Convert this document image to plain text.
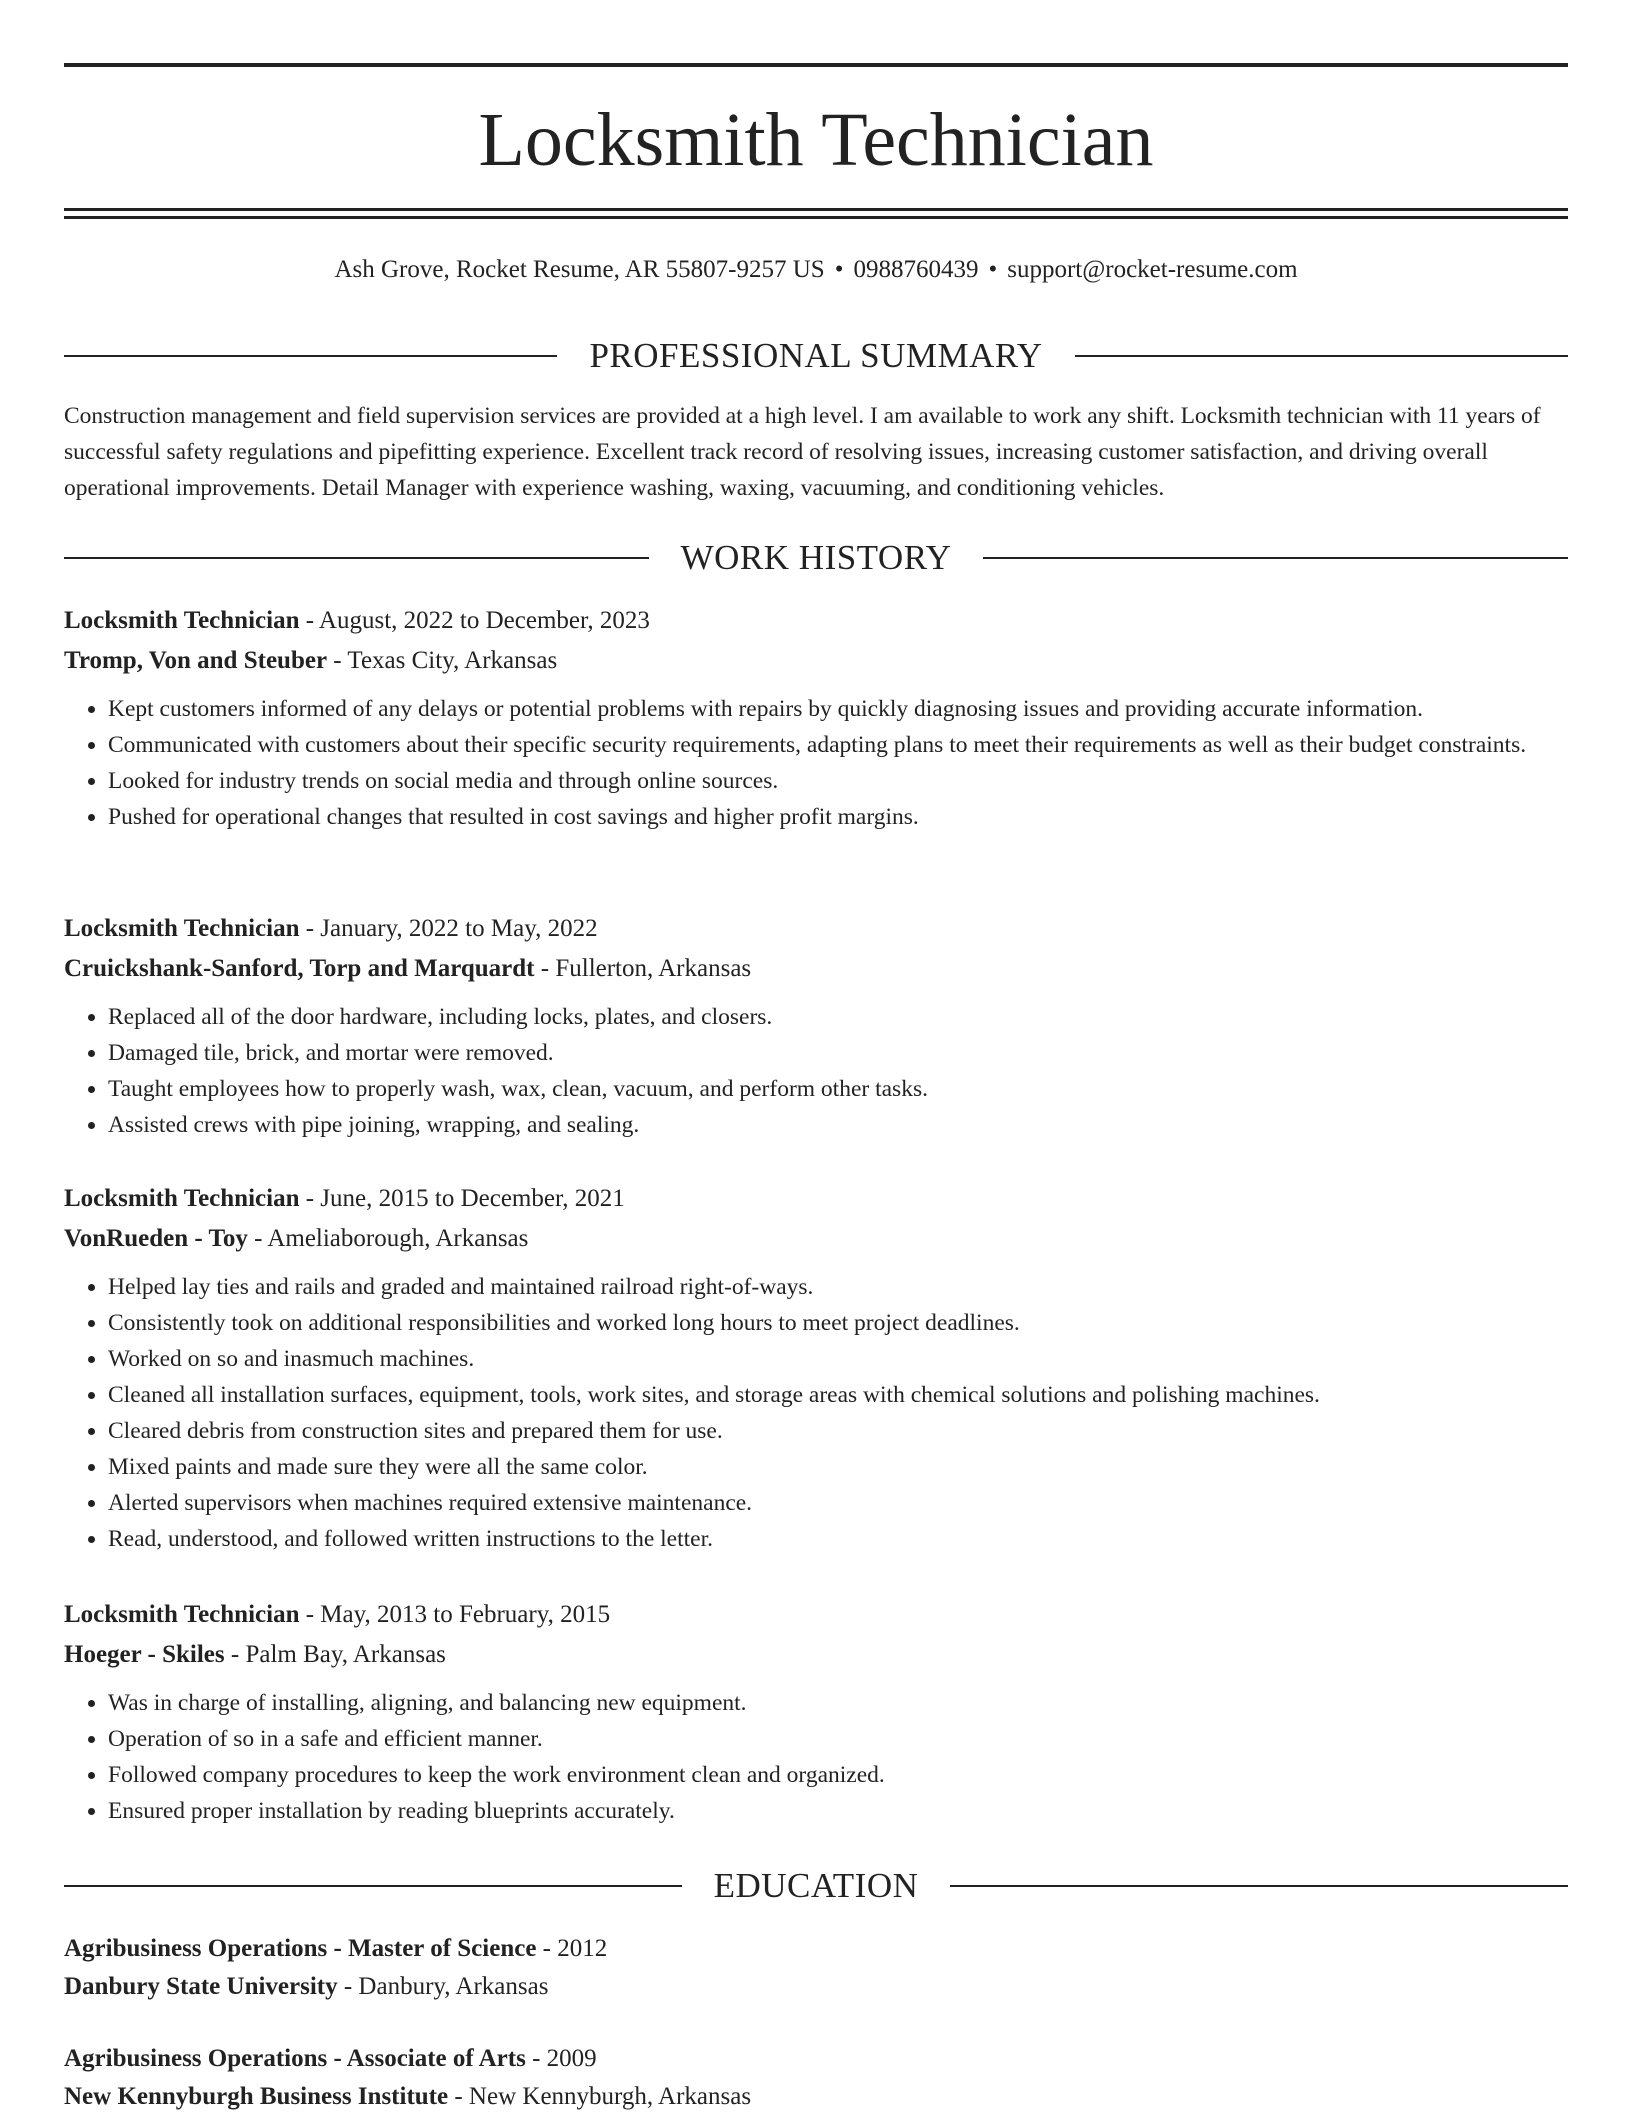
Locksmith Technician
Ash Grove, Rocket Resume, AR 55807-9257 US • 0988760439 • support@rocket-resume.com
PROFESSIONAL SUMMARY

Construction management and field supervision services are provided at a high level. I am available to work any shift. Locksmith technician with 11 years of successful safety regulations and pipefitting experience. Excellent track record of resolving issues, increasing customer satisfaction, and driving overall operational improvements. Detail Manager with experience washing, waxing, vacuuming, and conditioning vehicles.

WORK HISTORY
Locksmith Technician - August, 2022 to December, 2023
Tromp, Von and Steuber - Texas City, Arkansas
• Kept customers informed of any delays or potential problems with repairs by quickly diagnosing issues and providing accurate information.
• Communicated with customers about their specific security requirements, adapting plans to meet their requirements as well as their budget constraints.
• Looked for industry trends on social media and through online sources.
• Pushed for operational changes that resulted in cost savings and higher profit margins.
Locksmith Technician - January, 2022 to May, 2022
Cruickshank-Sanford, Torp and Marquardt - Fullerton, Arkansas
• Replaced all of the door hardware, including locks, plates, and closers.
• Damaged tile, brick, and mortar were removed.
• Taught employees how to properly wash, wax, clean, vacuum, and perform other tasks.
• Assisted crews with pipe joining, wrapping, and sealing.
Locksmith Technician - June, 2015 to December, 2021
VonRueden - Toy - Ameliaborough, Arkansas
• Helped lay ties and rails and graded and maintained railroad right-of-ways.
• Consistently took on additional responsibilities and worked long hours to meet project deadlines.
• Worked on so and inasmuch machines.
• Cleaned all installation surfaces, equipment, tools, work sites, and storage areas with chemical solutions and polishing machines.
• Cleared debris from construction sites and prepared them for use.
• Mixed paints and made sure they were all the same color.
• Alerted supervisors when machines required extensive maintenance.
• Read, understood, and followed written instructions to the letter.
Locksmith Technician - May, 2013 to February, 2015
Hoeger - Skiles - Palm Bay, Arkansas
• Was in charge of installing, aligning, and balancing new equipment.
• Operation of so in a safe and efficient manner.
• Followed company procedures to keep the work environment clean and organized.
• Ensured proper installation by reading blueprints accurately.
EDUCATION
Agribusiness Operations - Master of Science - 2012
Danbury State University - Danbury, Arkansas
Agribusiness Operations - Associate of Arts - 2009
New Kennyburgh Business Institute - New Kennyburgh, Arkansas
